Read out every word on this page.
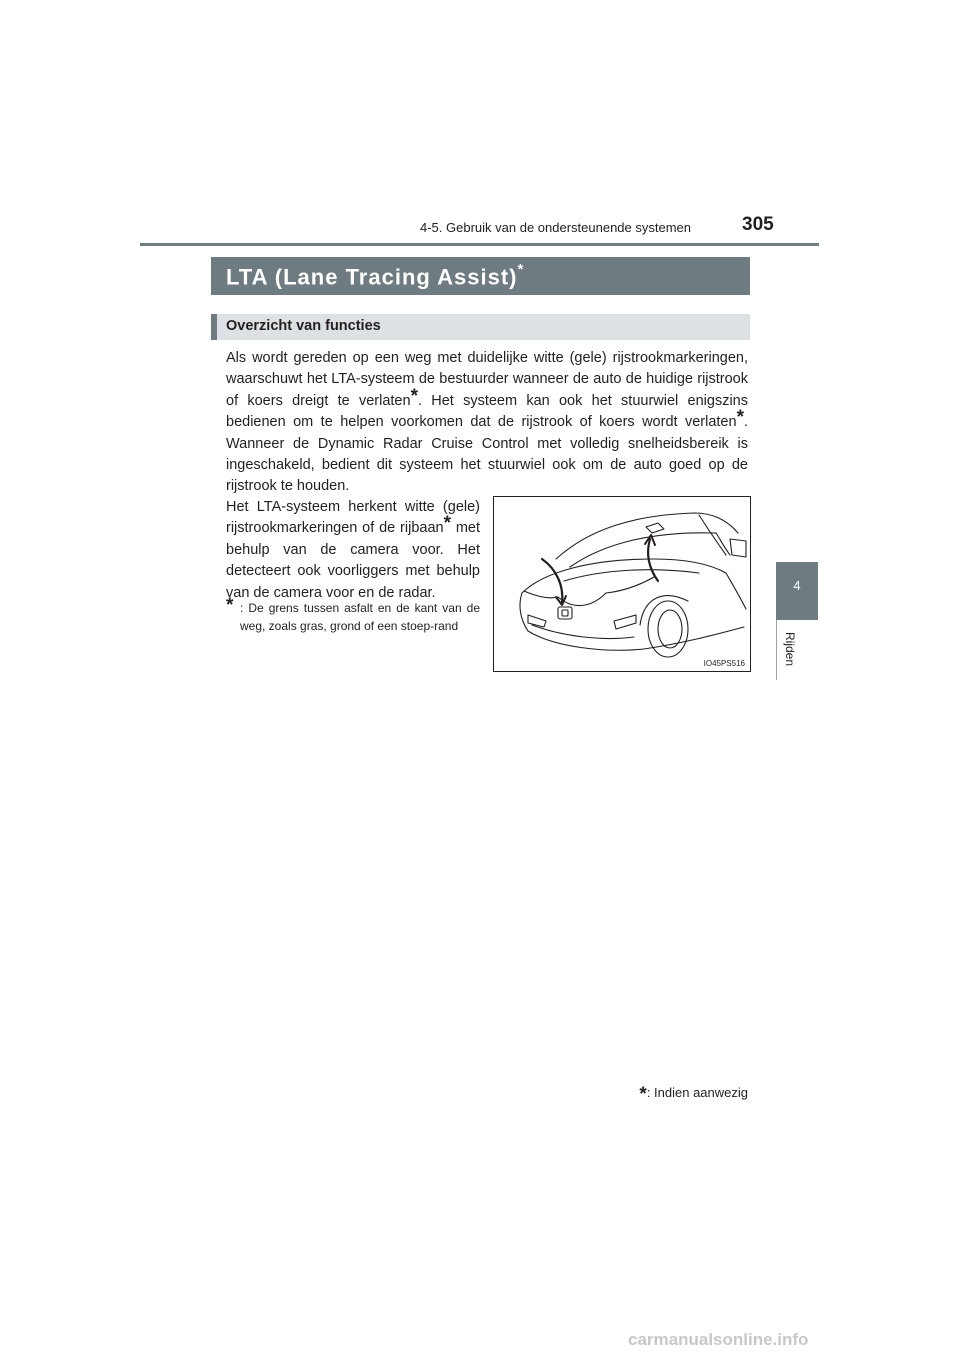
4-5. Gebruik van de ondersteunende systemen	305
4
Rijden
LTA (Lane Tracing Assist)*
Overzicht van functies
Als wordt gereden op een weg met duidelijke witte (gele) rijstrookmarkeringen, waarschuwt het LTA-systeem de bestuurder wanneer de auto de huidige rijstrook of koers dreigt te verlaten*. Het systeem kan ook het stuurwiel enigszins bedienen om te helpen voorkomen dat de rijstrook of koers wordt verlaten*. Wanneer de Dynamic Radar Cruise Control met volledig snelheidsbereik is ingeschakeld, bedient dit systeem het stuurwiel ook om de auto goed op de rijstrook te houden.
Het LTA-systeem herkent witte (gele) rijstrookmarkeringen of de rijbaan* met behulp van de camera voor. Het detecteert ook voorliggers met behulp van de camera voor en de radar.
* : De grens tussen asfalt en de kant van de weg, zoals gras, grond of een stoep-rand
IO45PS516
*: Indien aanwezig
carmanualsonline.info
